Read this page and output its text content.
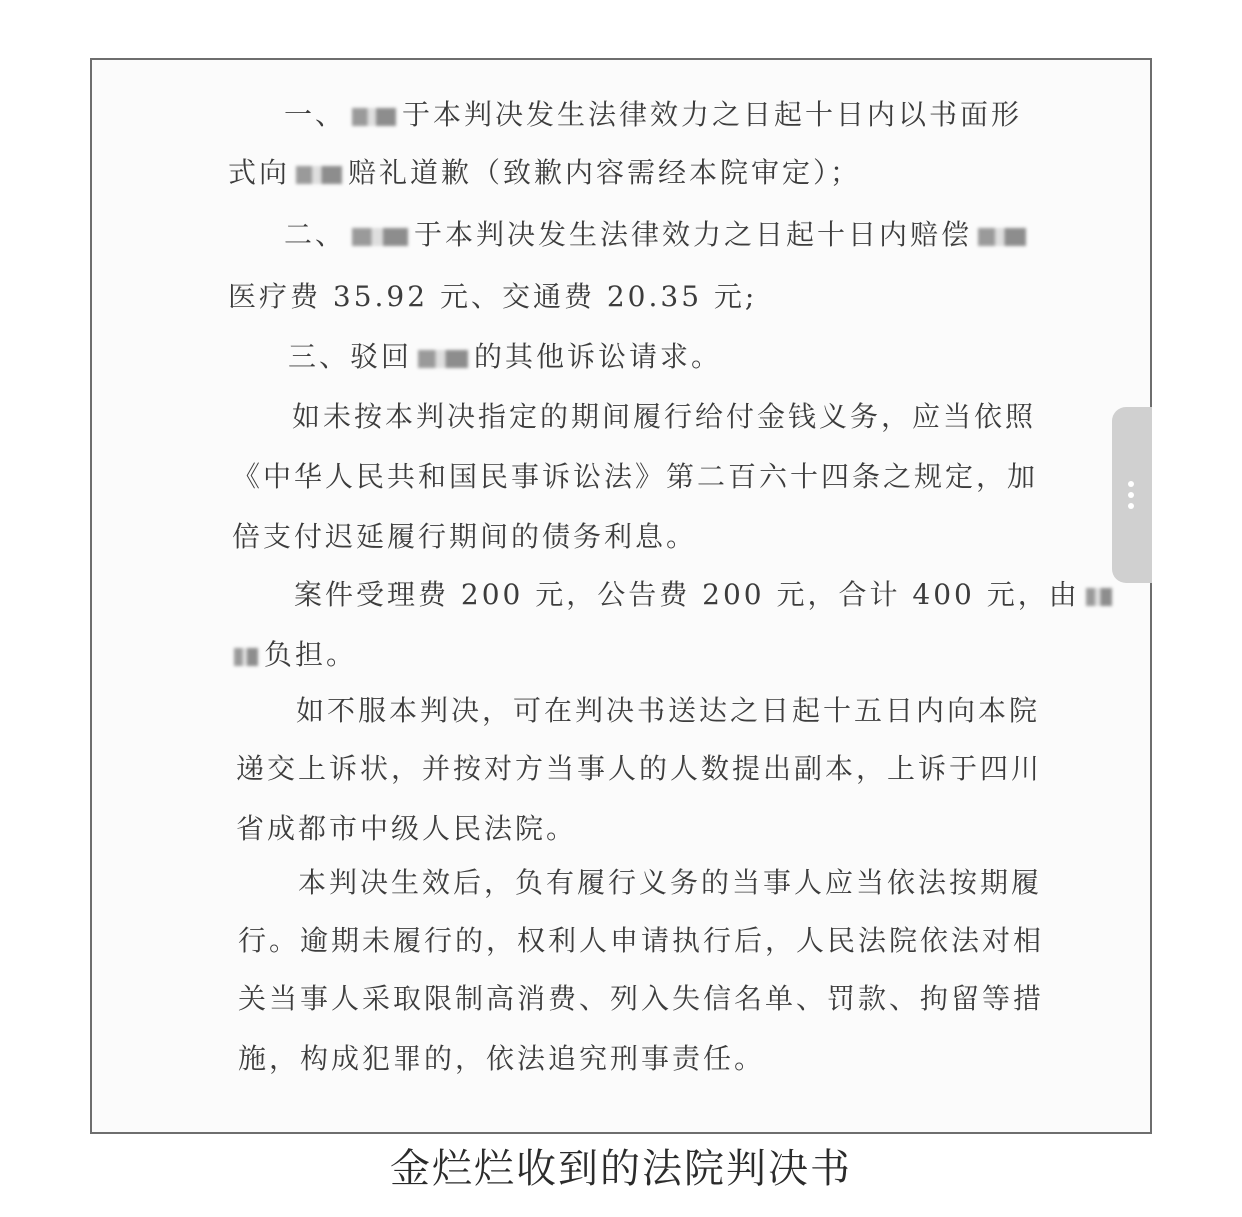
一、 于本判决发生法律效力之日起十日内以书面形
式向 赔礼道歉（致歉内容需经本院审定）；
二、 于本判决发生法律效力之日起十日内赔偿
医疗费 35.92 元、交通费 20.35 元;
三、驳回 的其他诉讼请求。
如未按本判决指定的期间履行给付金钱义务，应当依照
《中华人民共和国民事诉讼法》第二百六十四条之规定，加
倍支付迟延履行期间的债务利息。
案件受理费 200 元，公告费 200 元，合计 400 元，由
负担。
如不服本判决，可在判决书送达之日起十五日内向本院
递交上诉状，并按对方当事人的人数提出副本，上诉于四川
省成都市中级人民法院。
本判决生效后，负有履行义务的当事人应当依法按期履
行。逾期未履行的，权利人申请执行后，人民法院依法对相
关当事人采取限制高消费、列入失信名单、罚款、拘留等措
施，构成犯罪的，依法追究刑事责任。
金烂烂收到的法院判决书
